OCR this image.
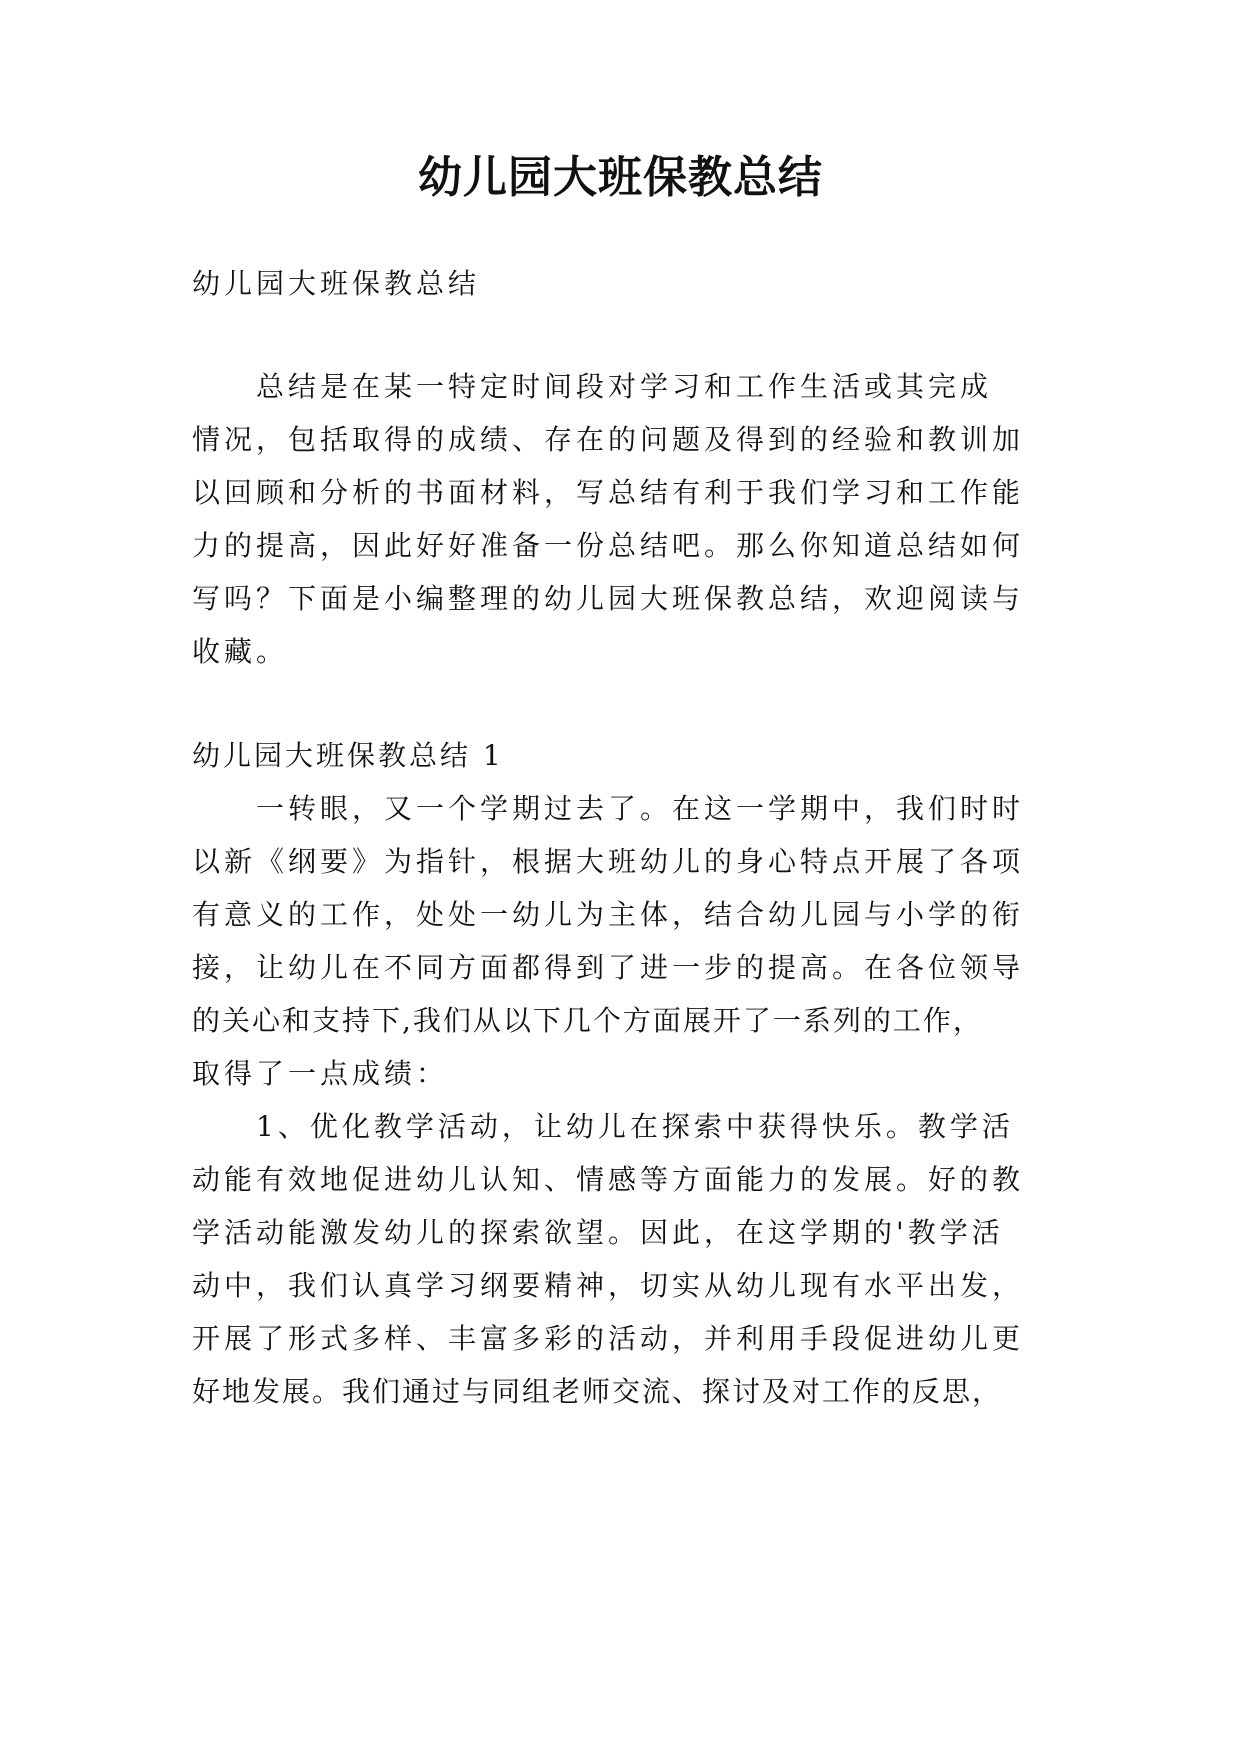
幼儿园大班保教总结
幼儿园大班保教总结
总结是在某一特定时间段对学习和工作生活或其完成
情况，包括取得的成绩、存在的问题及得到的经验和教训加
以回顾和分析的书面材料，写总结有利于我们学习和工作能
力的提高，因此好好准备一份总结吧。那么你知道总结如何
写吗？下面是小编整理的幼儿园大班保教总结，欢迎阅读与
收藏。
幼儿园大班保教总结 1
一转眼，又一个学期过去了。在这一学期中，我们时时
以新《纲要》为指针，根据大班幼儿的身心特点开展了各项
有意义的工作，处处一幼儿为主体，结合幼儿园与小学的衔
接，让幼儿在不同方面都得到了进一步的提高。在各位领导
的关心和支持下,我们从以下几个方面展开了一系列的工作，
取得了一点成绩：
1、优化教学活动，让幼儿在探索中获得快乐。教学活
动能有效地促进幼儿认知、情感等方面能力的发展。好的教
学活动能激发幼儿的探索欲望。因此，在这学期的'教学活
动中，我们认真学习纲要精神，切实从幼儿现有水平出发，
开展了形式多样、丰富多彩的活动，并利用手段促进幼儿更
好地发展。我们通过与同组老师交流、探讨及对工作的反思，
